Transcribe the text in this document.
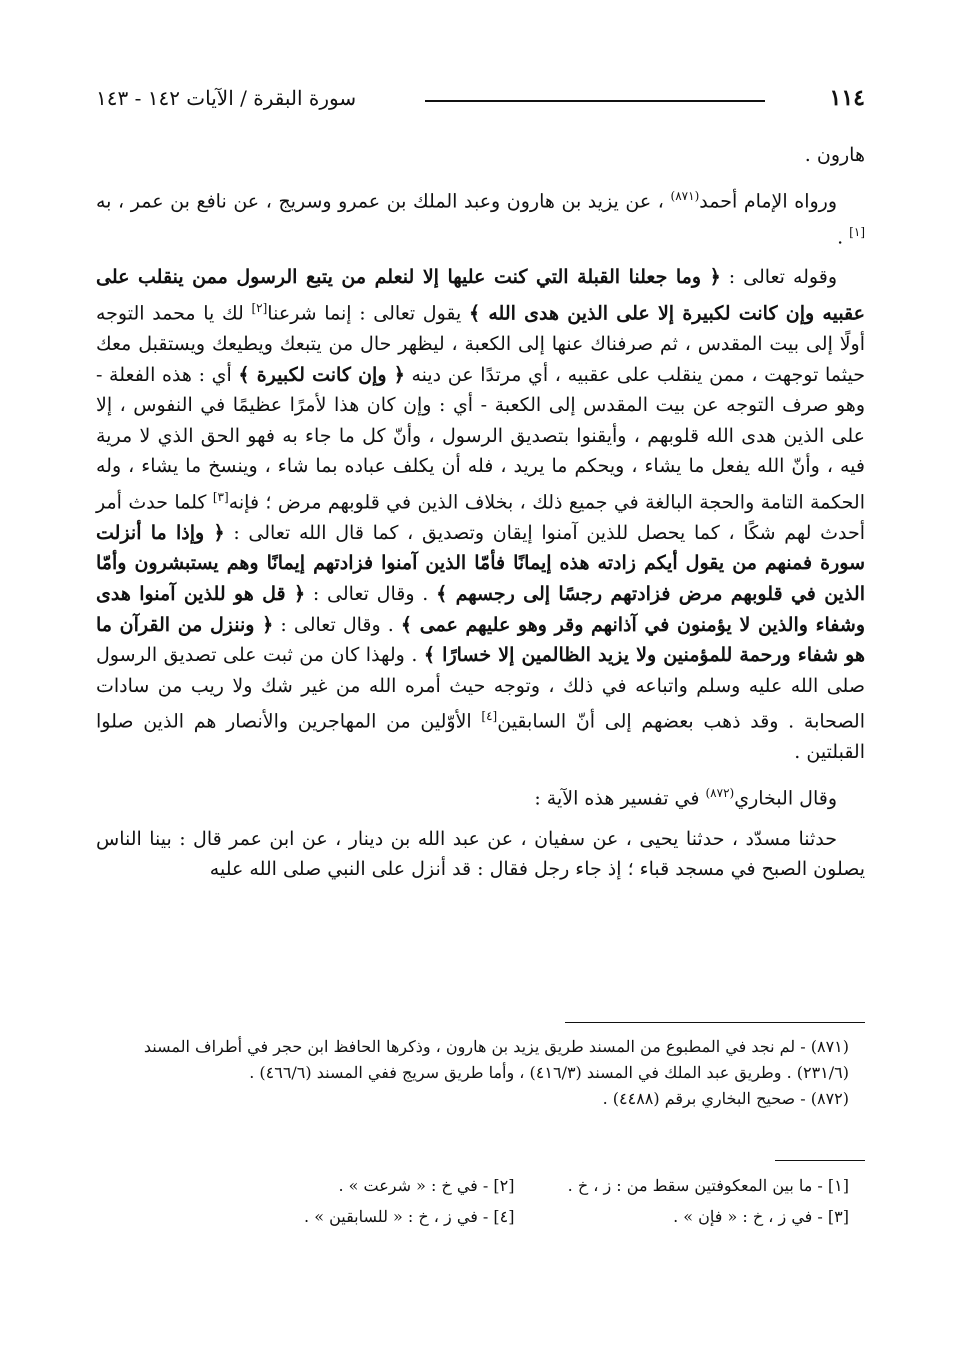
١١٤
سورة البقرة / الآيات ١٤٢ - ١٤٣

هارون .

ورواه الإمام أحمد$^{(٨٧١)}$ ، عن يزيد بن هارون وعبد الملك بن عمرو وسريج ، عن نافع بن عمر ، به [١] .

وقوله تعالى : ﴿ وما جعلنا القبلة التي كنت عليها إلا لنعلم من يتبع الرسول ممن ينقلب على عقبيه وإن كانت لكبيرة إلا على الذين هدى الله ﴾ يقول تعالى : إنما شرعنا[٢] لك يا محمد التوجه أولًا إلى بيت المقدس ، ثم صرفناك عنها إلى الكعبة ، ليظهر حال من يتبعك ويطيعك ويستقبل معك حيثما توجهت ، ممن ينقلب على عقبيه ، أي مرتدًا عن دينه ﴿ وإن كانت لكبيرة ﴾ أي : هذه الفعلة - وهو صرف التوجه عن بيت المقدس إلى الكعبة - أي : وإن كان هذا لأمرًا عظيمًا في النفوس ، إلا على الذين هدى الله قلوبهم ، وأيقنوا بتصديق الرسول ، وأنّ كل ما جاء به فهو الحق الذي لا مرية فيه ، وأنّ الله يفعل ما يشاء ، ويحكم ما يريد ، فله أن يكلف عباده بما شاء ، وينسخ ما يشاء ، وله الحكمة التامة والحجة البالغة في جميع ذلك ، بخلاف الذين في قلوبهم مرض ؛ فإنه[٣] كلما حدث أمر أحدث لهم شكًا ، كما يحصل للذين آمنوا إيقان وتصديق ، كما قال الله تعالى : ﴿ وإذا ما أنزلت سورة فمنهم من يقول أيكم زادته هذه إيمانًا فأمّا الذين آمنوا فزادتهم إيمانًا وهم يستبشرون وأمّا الذين في قلوبهم مرض فزادتهم رجسًا إلى رجسهم ﴾ . وقال تعالى : ﴿ قل هو للذين آمنوا هدى وشفاء والذين لا يؤمنون في آذانهم وقر وهو عليهم عمى ﴾ . وقال تعالى : ﴿ وننزل من القرآن ما هو شفاء ورحمة للمؤمنين ولا يزيد الظالمين إلا خسارًا ﴾ . ولهذا كان من ثبت على تصديق الرسول صلى الله عليه وسلم واتباعه في ذلك ، وتوجه حيث أمره الله من غير شك ولا ريب من سادات الصحابة . وقد ذهب بعضهم إلى أنّ السابقين[٤] الأوّلين من المهاجرين والأنصار هم الذين صلوا القبلتين .

وقال البخاري$^{(٨٧٢)}$ في تفسير هذه الآية :

حدثنا مسدّد ، حدثنا يحيى ، عن سفيان ، عن عبد الله بن دينار ، عن ابن عمر قال : بينا الناس يصلون الصبح في مسجد قباء ؛ إذ جاء رجل فقال : قد أنزل على النبي صلى الله عليه

(٨٧١) - لم نجد في المطبوع من المسند طريق يزيد بن هارون ، وذكرها الحافظ ابن حجر في أطراف المسند (٢٣١/٦) . وطريق عبد الملك في المسند (٤١٦/٣) ، وأما طريق سريج ففي المسند (٤٦٦/٦) .

(٨٧٢) - صحيح البخاري برقم (٤٤٨٨) .

[١] - ما بين المعكوفتين سقط من : ز ، خ .
[٢] - في خ : « شرعت » .
[٣] - في ز ، خ : « فإن » .
[٤] - في ز ، خ : « للسابقين » .
